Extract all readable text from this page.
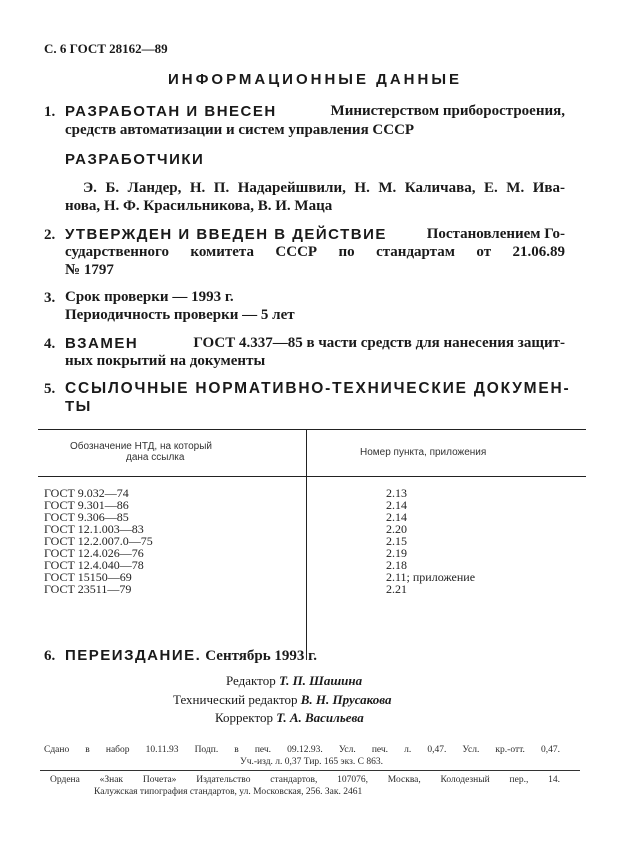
С. 6 ГОСТ 28162—89
ИНФОРМАЦИОННЫЕ ДАННЫЕ
1. РАЗРАБОТАН И ВНЕСЕН	Министерством приборостроения,
средств автоматизации и систем управления СССР
РАЗРАБОТЧИКИ
Э. Б. Ландер, Н. П. Надарейшвили, Н. М. Каличава, Е. М. Ива-
нова, Н. Ф. Красильникова, В. И. Маца
2. УТВЕРЖДЕН И ВВЕДЕН В ДЕЙСТВИЕ	Постановлением Го-
сударственного комитета СССР по стандартам от 21.06.89
№ 1797
3. Срок проверки — 1993 г.
Периодичность проверки — 5 лет
4. ВЗАМЕН	ГОСТ 4.337—85 в части средств для нанесения защит-
ных покрытий на документы
5. ССЫЛОЧНЫЕ НОРМАТИВНО-ТЕХНИЧЕСКИЕ ДОКУМЕН-
ТЫ
Обозначение НТД, на который
дана ссылка	Номер пункта, приложения
ГОСТ 9.032—74	2.13
ГОСТ 9.301—86	2.14
ГОСТ 9.306—85	2.14
ГОСТ 12.1.003—83	2.20
ГОСТ 12.2.007.0—75	2.15
ГОСТ 12.4.026—76	2.19
ГОСТ 12.4.040—78	2.18
ГОСТ 15150—69	2.11; приложение
ГОСТ 23511—79	2.21
6. ПЕРЕИЗДАНИЕ. Сентябрь 1993 г.
Редактор Т. П. Шашина
Технический редактор В. Н. Прусакова
Корректор Т. А. Васильева
Сдано в набор 10.11.93 Подп. в печ. 09.12.93. Усл. печ. л. 0,47. Усл. кр.-отт. 0,47.
Уч.-изд. л. 0,37 Тир. 165 экз. С 863.
Ордена «Знак Почета» Издательство стандартов, 107076, Москва, Колодезный пер., 14.
Калужская типография стандартов, ул. Московская, 256. Зак. 2461
